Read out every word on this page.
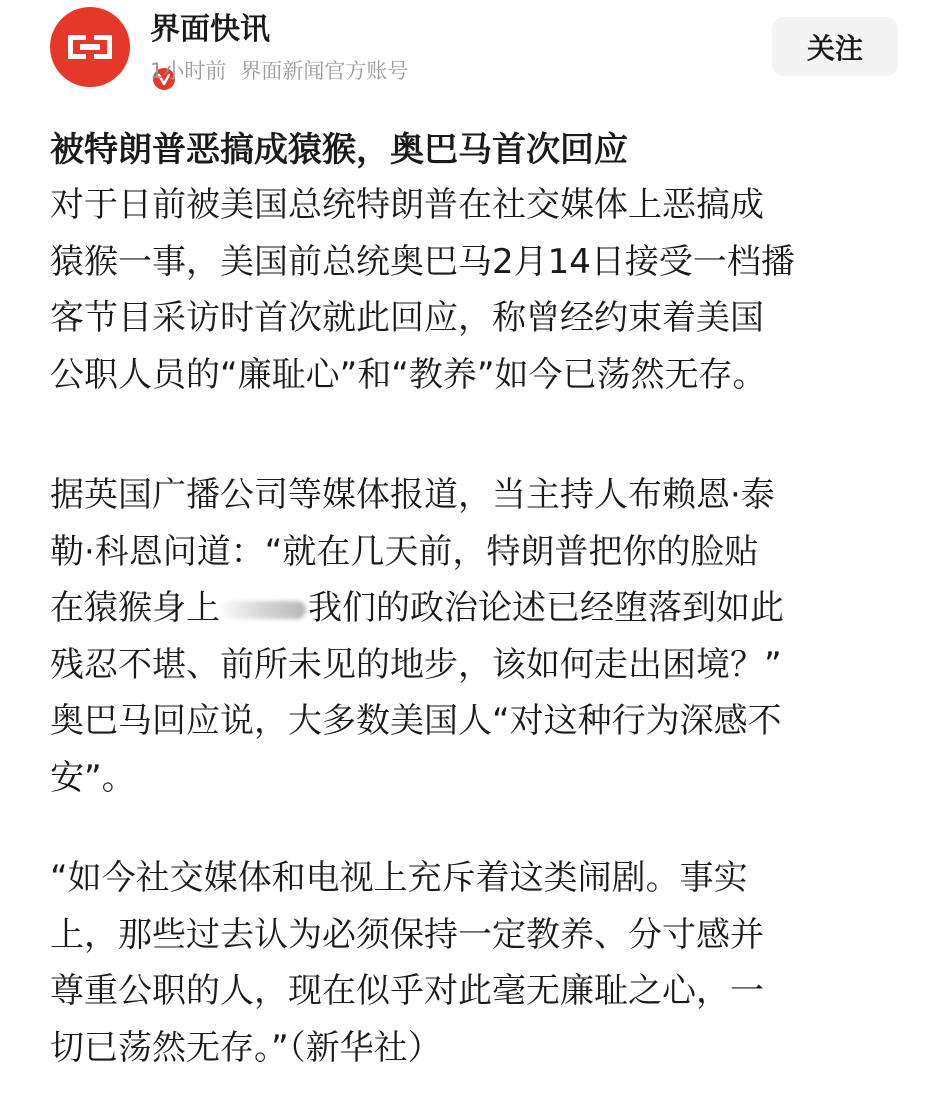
界面快讯
1小时前 界面新闻官方账号
关注
被特朗普恶搞成猿猴，奥巴马首次回应

对于日前被美国总统特朗普在社交媒体上恶搞成
猿猴一事，美国前总统奥巴马2月14日接受一档播
客节目采访时首次就此回应，称曾经约束着美国
公职人员的“廉耻心”和“教养”如今已荡然无存。

据英国广播公司等媒体报道，当主持人布赖恩·泰
勒·科恩问道：“就在几天前，特朗普把你的脸贴
在猿猴身上	我们的政治论述已经堕落到如此
残忍不堪、前所未见的地步，该如何走出困境？”
奥巴马回应说，大多数美国人“对这种行为深感不
安”。

“如今社交媒体和电视上充斥着这类闹剧。事实
上，那些过去认为必须保持一定教养、分寸感并
尊重公职的人，现在似乎对此毫无廉耻之心，一
切已荡然无存。”（新华社）
